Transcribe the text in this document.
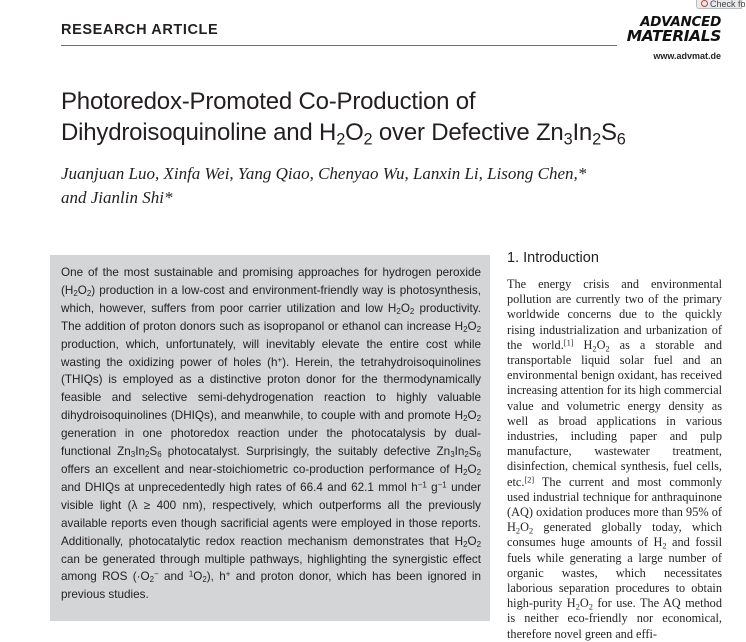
Check fo
RESEARCH ARTICLE	ADVANCED
MATERIALS
www.advmat.de
Photoredox-Promoted Co-Production of
Dihydroisoquinoline and $H_2O_2$ over Defective $Zn_3In_2S_6$

Juanjuan Luo, Xinfa Wei, Yang Qiao, Chenyao Wu, Lanxin Li, Lisong Chen,*
and Jianlin Shi*

One of the most sustainable and promising approaches for hydrogen peroxide $(H_2O_2)$ production in a low-cost and environment-friendly way is photosynthesis, which, however, suffers from poor carrier utilization and low $H_2O_2$ productivity. The addition of proton donors such as isopropanol or ethanol can increase $H_2O_2$ production, which, unfortunately, will inevitably elevate the entire cost while wasting the oxidizing power of holes (h+). Herein, the tetrahydroisoquinolines (THIQs) is employed as a distinctive proton donor for the thermodynamically feasible and selective semi-dehydrogenation reaction to highly valuable dihydroisoquinolines (DHIQs), and meanwhile, to couple with and promote $H_2O_2$ generation in one photoredox reaction under the photocatalysis by dual-functional $Zn_3In_2S_6$ photocatalyst. Surprisingly, the suitably defective $Zn_3In_2S_6$ offers an excellent and near-stoichiometric co-production performance of $H_2O_2$ and DHIQs at unprecedentedly high rates of 66.4 and 62.1 mmol $h^{-1}$ $g^{-1}$ under visible light (λ ≥ 400 nm), respectively, which outperforms all the previously available reports even though sacrificial agents were employed in those reports. Additionally, photocatalytic redox reaction mechanism demonstrates that $H_2O_2$ can be generated through multiple pathways, highlighting the synergistic effect among ROS ($\cdot O_2^-$ and $^1O_2$), h+ and proton donor, which has been ignored in previous studies.

1. Introduction

The energy crisis and environmental pollution are currently two of the primary worldwide concerns due to the quickly rising industrialization and urbanization of the world.[1] $H_2O_2$ as a storable and transportable liquid solar fuel and an environmental benign oxidant, has received increasing attention for its high commercial value and volumetric energy density as well as broad applications in various industries, including paper and pulp manufacture, wastewater treatment, disinfection, chemical synthesis, fuel cells, etc.[2] The current and most commonly used industrial technique for anthraquinone (AQ) oxidation produces more than 95% of $H_2O_2$ generated globally today, which consumes huge amounts of $H_2$ and fossil fuels while generating a large number of organic wastes, which necessitates laborious separation procedures to obtain high-purity $H_2O_2$ for use. The AQ method is neither eco-friendly nor economical, therefore novel green and effi-
